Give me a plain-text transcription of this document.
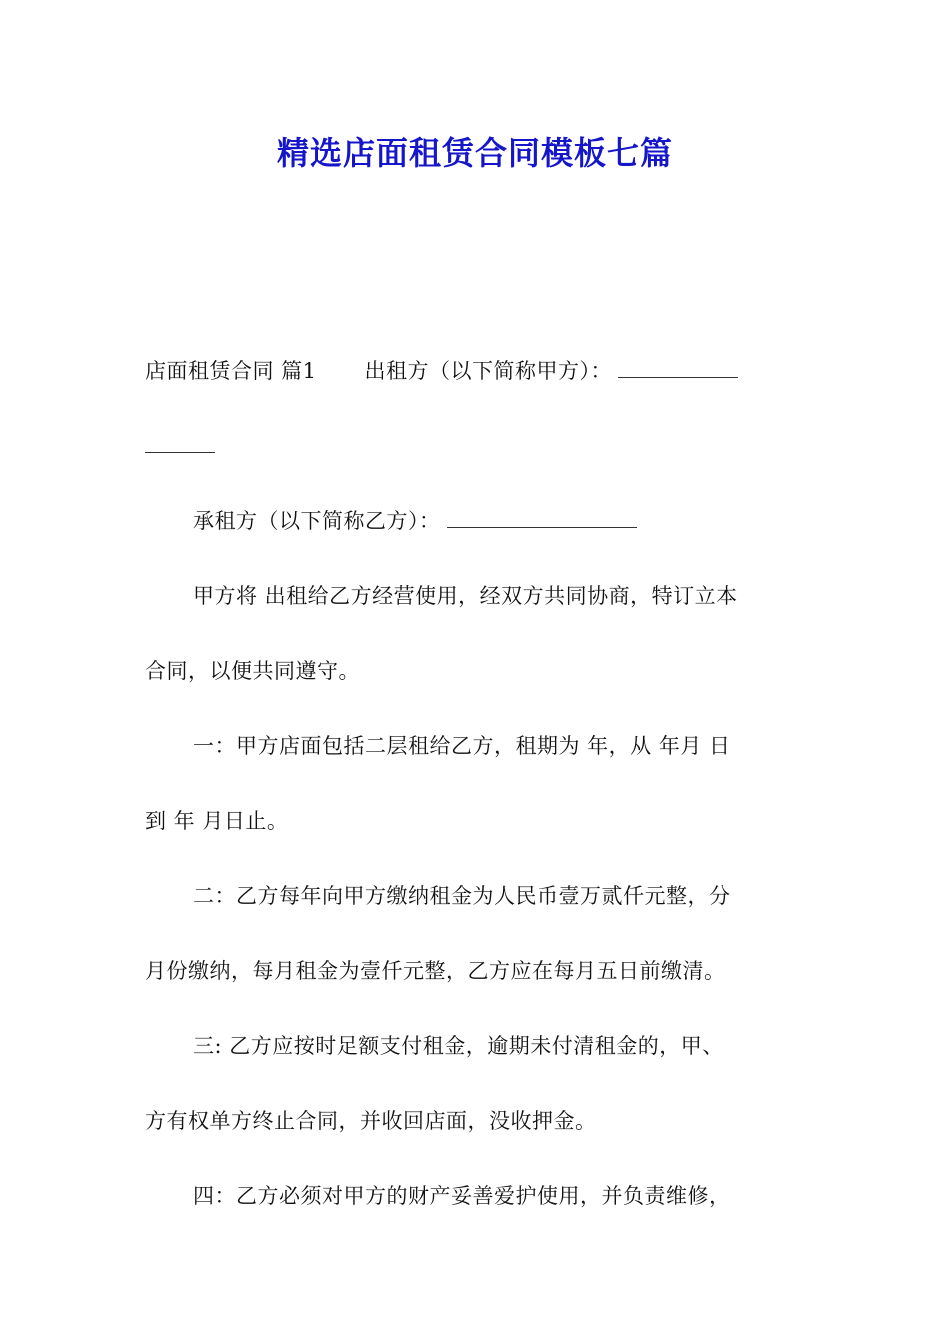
精选店面租赁合同模板七篇
店面租赁合同 篇1 出租方（以下简称甲方）：
承租方（以下简称乙方）：
甲方将 出租给乙方经营使用，经双方共同协商，特订立本
合同，以便共同遵守。
一：甲方店面包括二层租给乙方，租期为 年，从 年月 日
到 年 月日止。
二：乙方每年向甲方缴纳租金为人民币壹万贰仟元整，分
月份缴纳，每月租金为壹仟元整，乙方应在每月五日前缴清。
三: 乙方应按时足额支付租金，逾期未付清租金的，甲、
方有权单方终止合同，并收回店面，没收押金。
四：乙方必须对甲方的财产妥善爱护使用，并负责维修，
